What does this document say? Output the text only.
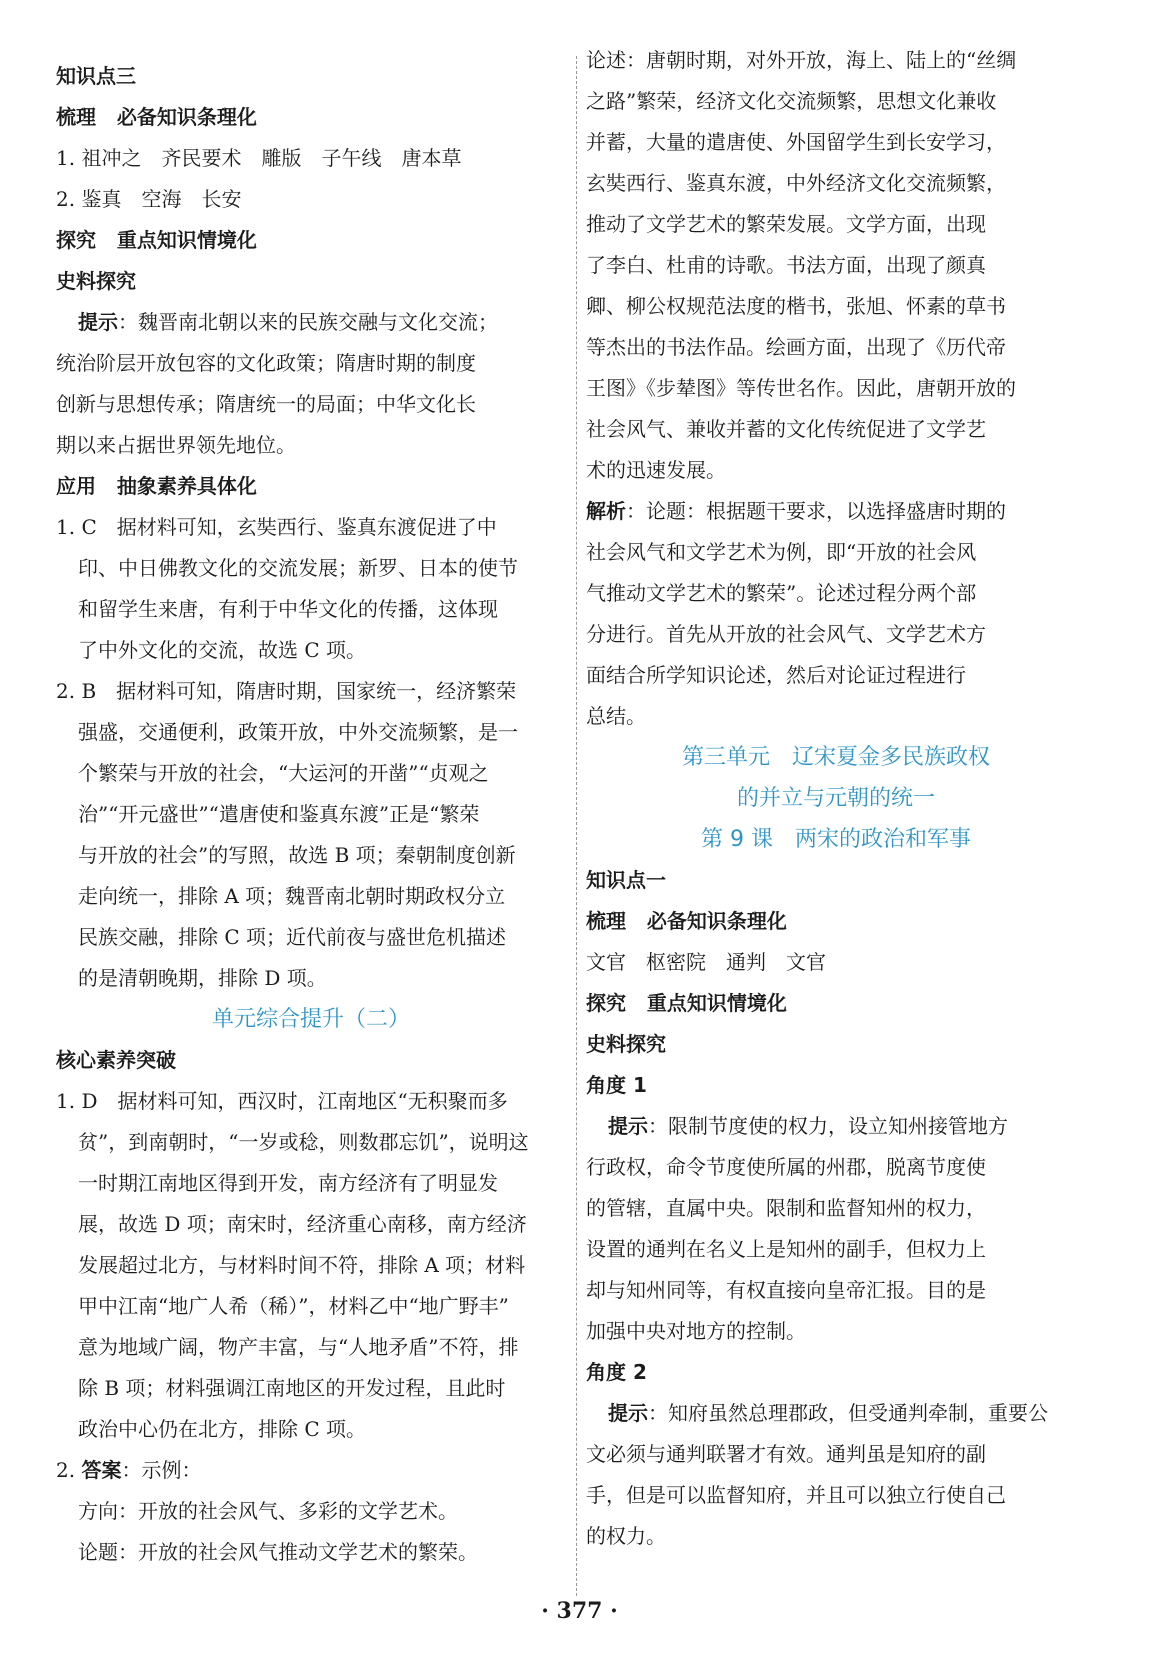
知识点三
梳理 必备知识条理化
1. 祖冲之　齐民要术　雕版　子午线　唐本草
2. 鉴真　空海　长安
探究 重点知识情境化
史料探究
提示：魏晋南北朝以来的民族交融与文化交流；
统治阶层开放包容的文化政策；隋唐时期的制度
创新与思想传承；隋唐统一的局面；中华文化长
期以来占据世界领先地位。
应用 抽象素养具体化
1. C　据材料可知，玄奘西行、鉴真东渡促进了中
印、中日佛教文化的交流发展；新罗、日本的使节
和留学生来唐，有利于中华文化的传播，这体现
了中外文化的交流，故选 C 项。
2. B　据材料可知，隋唐时期，国家统一，经济繁荣
强盛，交通便利，政策开放，中外交流频繁，是一
个繁荣与开放的社会，“大运河的开凿”“贞观之
治”“开元盛世”“遣唐使和鉴真东渡”正是“繁荣
与开放的社会”的写照，故选 B 项；秦朝制度创新
走向统一，排除 A 项；魏晋南北朝时期政权分立
民族交融，排除 C 项；近代前夜与盛世危机描述
的是清朝晚期，排除 D 项。
单元综合提升（二）
核心素养突破
1. D　据材料可知，西汉时，江南地区“无积聚而多
贫”，到南朝时，“一岁或稔，则数郡忘饥”，说明这
一时期江南地区得到开发，南方经济有了明显发
展，故选 D 项；南宋时，经济重心南移，南方经济
发展超过北方，与材料时间不符，排除 A 项；材料
甲中江南“地广人希（稀）”，材料乙中“地广野丰”
意为地域广阔，物产丰富，与“人地矛盾”不符，排
除 B 项；材料强调江南地区的开发过程，且此时
政治中心仍在北方，排除 C 项。
2. 答案：示例：
方向：开放的社会风气、多彩的文学艺术。
论题：开放的社会风气推动文学艺术的繁荣。
论述：唐朝时期，对外开放，海上、陆上的“丝绸
之路”繁荣，经济文化交流频繁，思想文化兼收
并蓄，大量的遣唐使、外国留学生到长安学习，
玄奘西行、鉴真东渡，中外经济文化交流频繁，
推动了文学艺术的繁荣发展。文学方面，出现
了李白、杜甫的诗歌。书法方面，出现了颜真
卿、柳公权规范法度的楷书，张旭、怀素的草书
等杰出的书法作品。绘画方面，出现了《历代帝
王图》《步辇图》等传世名作。因此，唐朝开放的
社会风气、兼收并蓄的文化传统促进了文学艺
术的迅速发展。
解析：论题：根据题干要求，以选择盛唐时期的
社会风气和文学艺术为例，即“开放的社会风
气推动文学艺术的繁荣”。论述过程分两个部
分进行。首先从开放的社会风气、文学艺术方
面结合所学知识论述，然后对论证过程进行
总结。
第三单元　辽宋夏金多民族政权
的并立与元朝的统一
第 9 课　两宋的政治和军事
知识点一
梳理 必备知识条理化
文官　枢密院　通判　文官
探究 重点知识情境化
史料探究
角度 1
提示：限制节度使的权力，设立知州接管地方
行政权，命令节度使所属的州郡，脱离节度使
的管辖，直属中央。限制和监督知州的权力，
设置的通判在名义上是知州的副手，但权力上
却与知州同等，有权直接向皇帝汇报。目的是
加强中央对地方的控制。
角度 2
提示：知府虽然总理郡政，但受通判牵制，重要公
文必须与通判联署才有效。通判虽是知府的副
手，但是可以监督知府，并且可以独立行使自己
的权力。
· 377 ·
